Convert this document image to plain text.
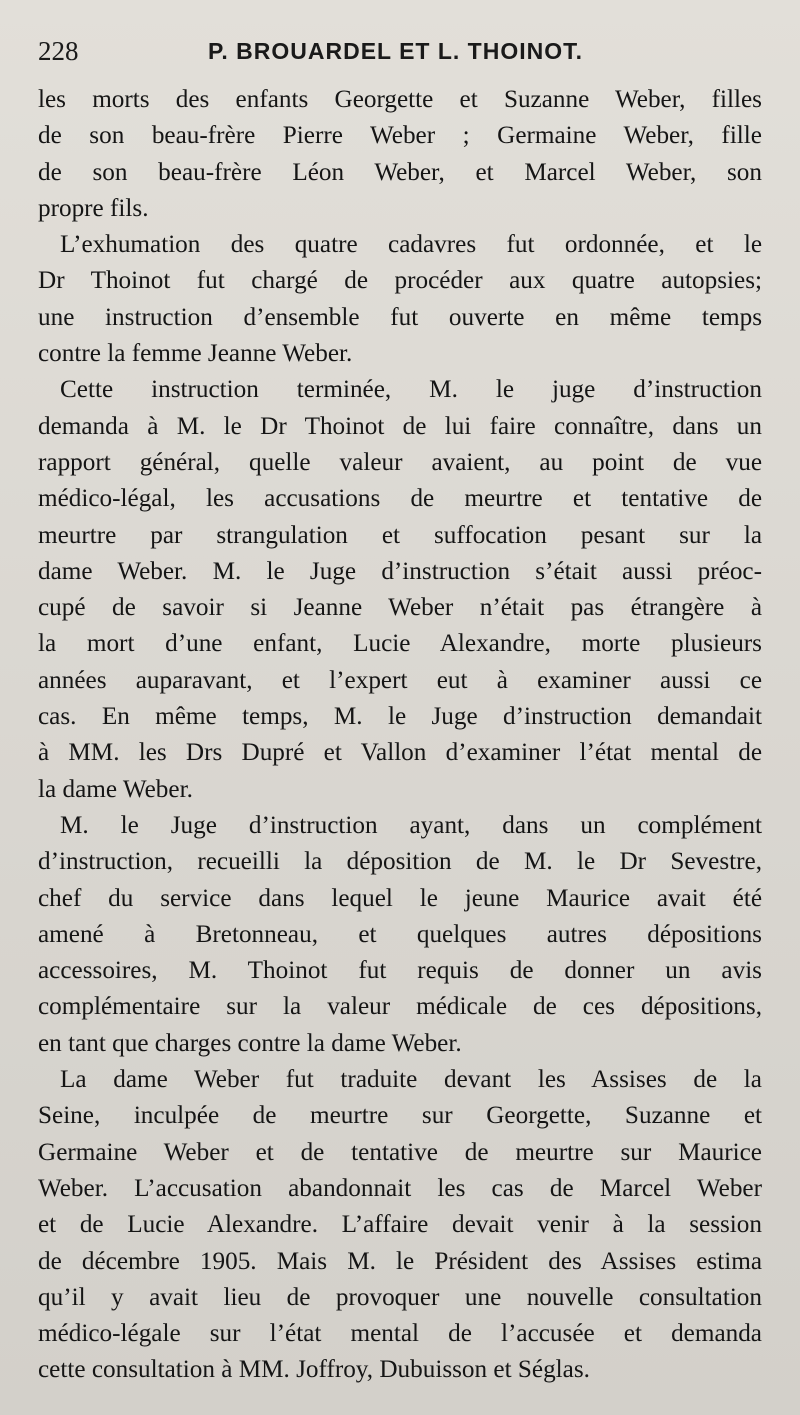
228	P. BROUARDEL ET L. THOINOT.
les morts des enfants Georgette et Suzanne Weber, filles
de son beau-frère Pierre Weber ; Germaine Weber, fille
de son beau-frère Léon Weber, et Marcel Weber, son
propre fils.
L’exhumation des quatre cadavres fut ordonnée, et le
Dr Thoinot fut chargé de procéder aux quatre autopsies;
une instruction d’ensemble fut ouverte en même temps
contre la femme Jeanne Weber.
Cette instruction terminée, M. le juge d’instruction
demanda à M. le Dr Thoinot de lui faire connaître, dans un
rapport général, quelle valeur avaient, au point de vue
médico-légal, les accusations de meurtre et tentative de
meurtre par strangulation et suffocation pesant sur la
dame Weber. M. le Juge d’instruction s’était aussi préoc-
cupé de savoir si Jeanne Weber n’était pas étrangère à
la mort d’une enfant, Lucie Alexandre, morte plusieurs
années auparavant, et l’expert eut à examiner aussi ce
cas. En même temps, M. le Juge d’instruction demandait
à MM. les Drs Dupré et Vallon d’examiner l’état mental de
la dame Weber.
M. le Juge d’instruction ayant, dans un complément
d’instruction, recueilli la déposition de M. le Dr Sevestre,
chef du service dans lequel le jeune Maurice avait été
amené à Bretonneau, et quelques autres dépositions
accessoires, M. Thoinot fut requis de donner un avis
complémentaire sur la valeur médicale de ces dépositions,
en tant que charges contre la dame Weber.
La dame Weber fut traduite devant les Assises de la
Seine, inculpée de meurtre sur Georgette, Suzanne et
Germaine Weber et de tentative de meurtre sur Maurice
Weber. L’accusation abandonnait les cas de Marcel Weber
et de Lucie Alexandre. L’affaire devait venir à la session
de décembre 1905. Mais M. le Président des Assises estima
qu’il y avait lieu de provoquer une nouvelle consultation
médico-légale sur l’état mental de l’accusée et demanda
cette consultation à MM. Joffroy, Dubuisson et Séglas.
